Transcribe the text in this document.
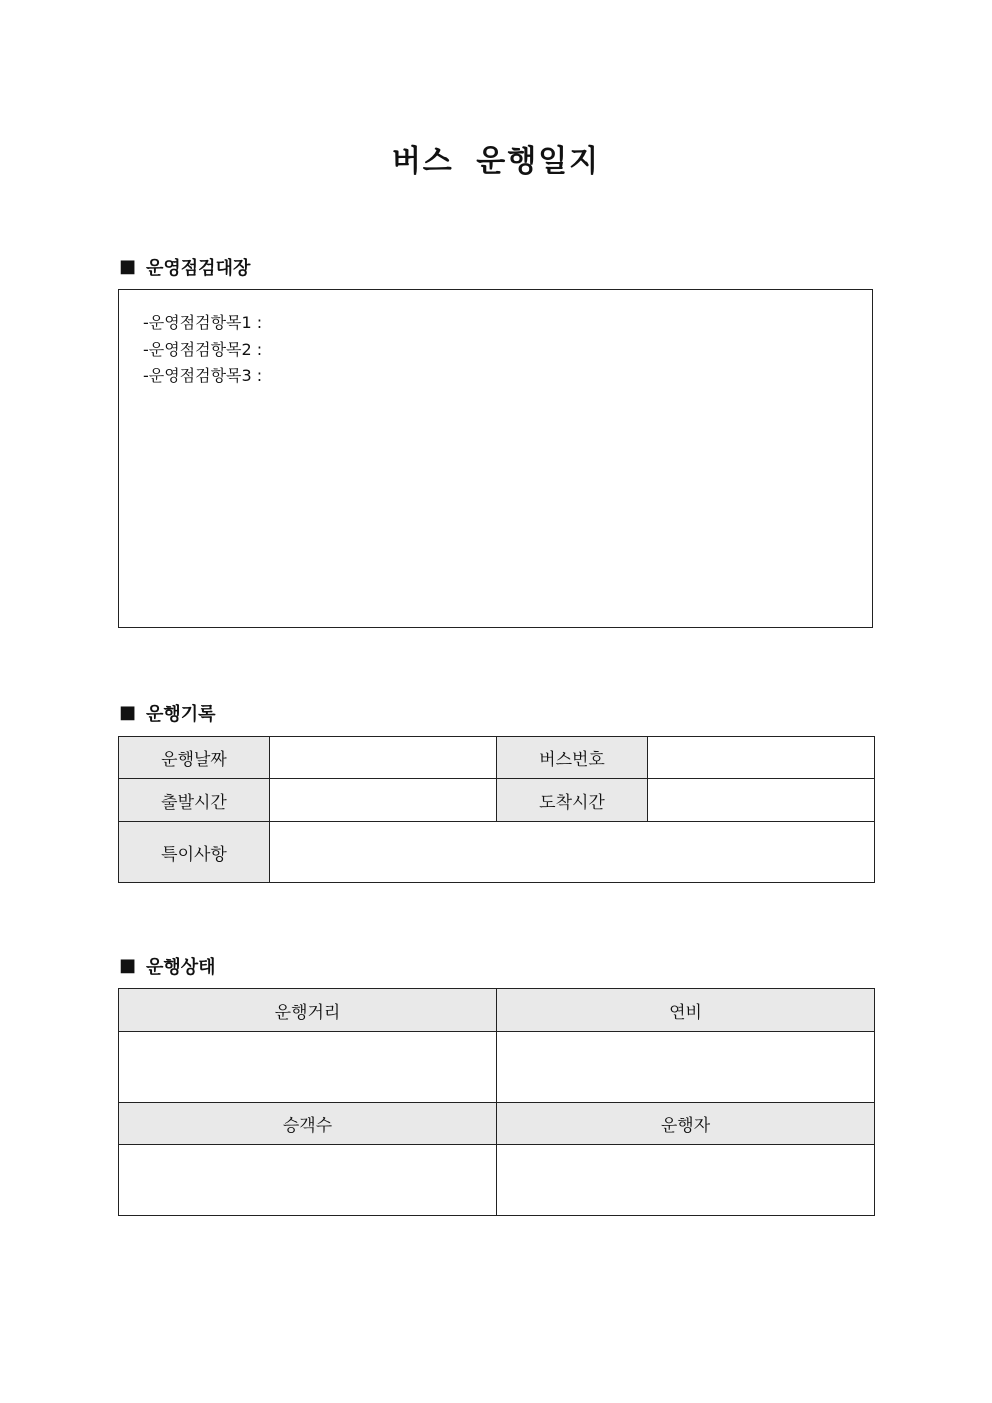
버스 운행일지
■ 운영점검대장
-운영점검항목1 :
-운영점검항목2 :
-운영점검항목3 :
■ 운행기록
운행날짜		버스번호	
출발시간		도착시간	
특이사항			
■ 운행상태
운행거리	연비

승객수	운행자
